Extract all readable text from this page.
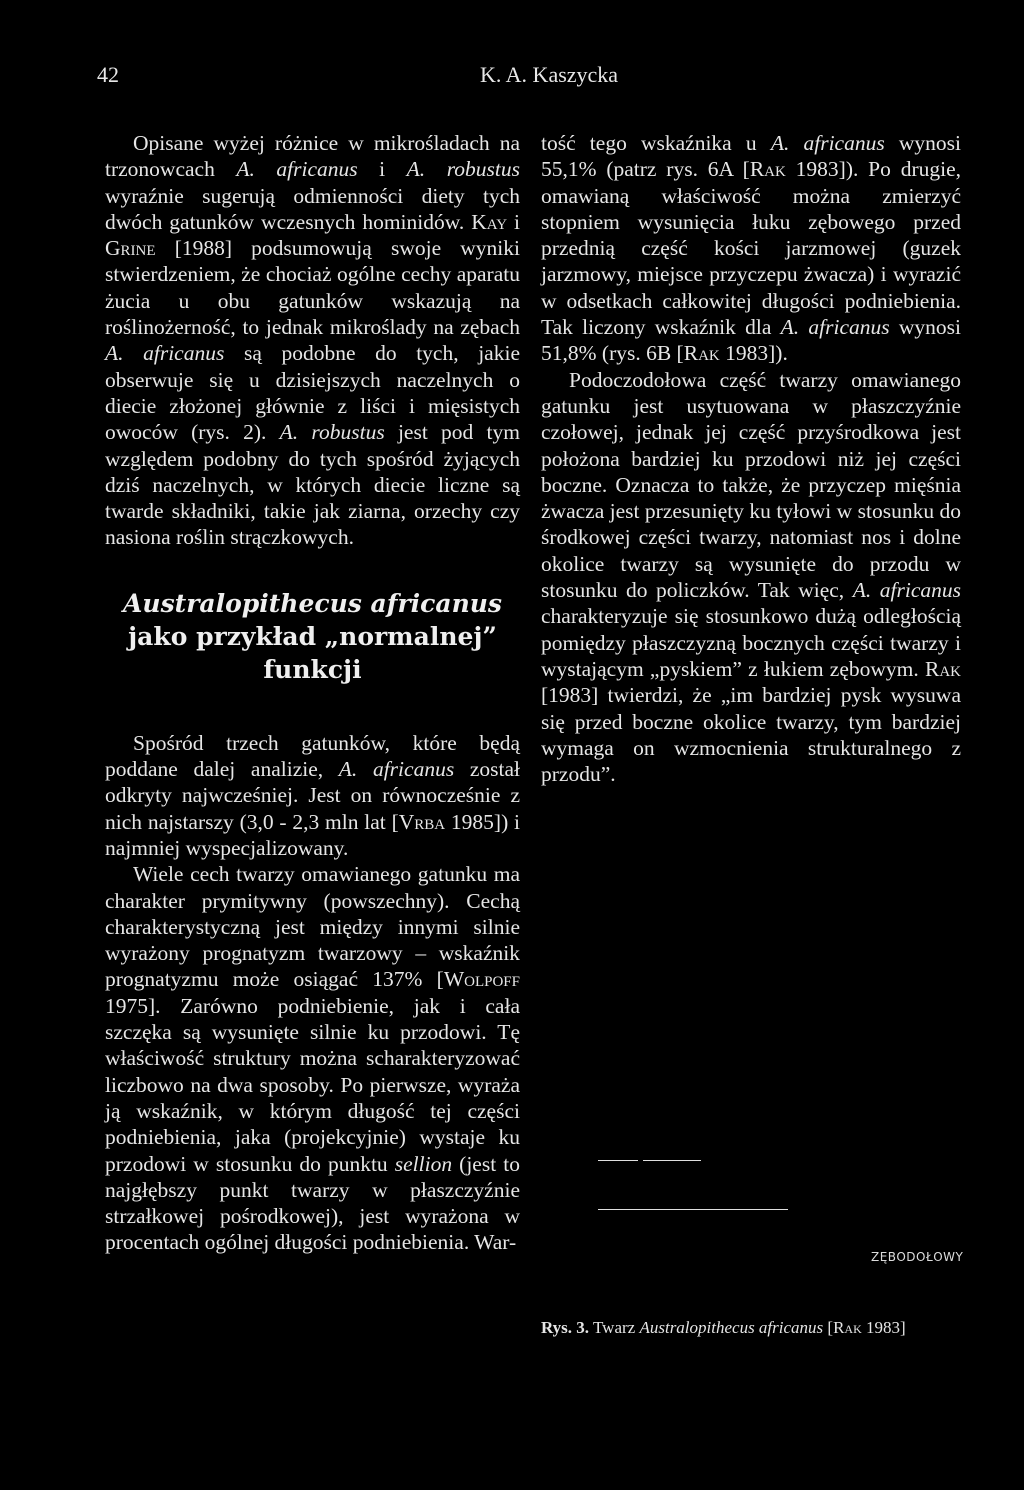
42	K. A. Kaszycka

Opisane wyżej różnice w mikrośladach na trzonowcach A. africanus i A. robustus wyraźnie sugerują odmienności diety tych dwóch gatunków wczesnych hominidów. Kay i Grine [1988] podsumowują swoje wyniki stwierdzeniem, że chociaż ogólne cechy aparatu żucia u obu gatunków wskazują na roślinożerność, to jednak mikroślady na zębach A. africanus są podobne do tych, jakie obserwuje się u dzisiejszych naczelnych o diecie złożonej głównie z liści i mięsistych owoców (rys. 2). A. robustus jest pod tym względem podobny do tych spośród żyjących dziś naczelnych, w których diecie liczne są twarde składniki, takie jak ziarna, orzechy czy nasiona roślin strączkowych.

Australopithecus africanus jako przykład „normalnej” funkcji

Spośród trzech gatunków, które będą poddane dalej analizie, A. africanus został odkryty najwcześniej. Jest on równocześnie z nich najstarszy (3,0 - 2,3 mln lat [Vrba 1985]) i najmniej wyspecjalizowany.

Wiele cech twarzy omawianego gatunku ma charakter prymitywny (powszechny). Cechą charakterystyczną jest między innymi silnie wyrażony prognatyzm twarzowy – wskaźnik prognatyzmu może osiągać 137% [Wolpoff 1975]. Zarówno podniebienie, jak i cała szczęka są wysunięte silnie ku przodowi. Tę właściwość struktury można scharakteryzować liczbowo na dwa sposoby. Po pierwsze, wyraża ją wskaźnik, w którym długość tej części podniebienia, jaka (projekcyjnie) wystaje ku przodowi w stosunku do punktu sellion (jest to najgłębszy punkt twarzy w płaszczyźnie strzałkowej pośrodkowej), jest wyrażona w procentach ogólnej długości podniebienia. War-

tość tego wskaźnika u A. africanus wynosi 55,1% (patrz rys. 6A [Rak 1983]). Po drugie, omawianą właściwość można zmierzyć stopniem wysunięcia łuku zębowego przed przednią część kości jarzmowej (guzek jarzmowy, miejsce przyczepu żwacza) i wyrazić w odsetkach całkowitej długości podniebienia. Tak liczony wskaźnik dla A. africanus wynosi 51,8% (rys. 6B [Rak 1983]).

Podoczodołowa część twarzy omawianego gatunku jest usytuowana w płaszczyźnie czołowej, jednak jej część przyśrodkowa jest położona bardziej ku przodowi niż jej części boczne. Oznacza to także, że przyczep mięśnia żwacza jest przesunięty ku tyłowi w stosunku do środkowej części twarzy, natomiast nos i dolne okolice twarzy są wysunięte do przodu w stosunku do policzków. Tak więc, A. africanus charakteryzuje się stosunkowo dużą odległością pomiędzy płaszczyzną bocznych części twarzy i wystającym „pyskiem” z łukiem zębowym. Rak [1983] twierdzi, że „im bardziej pysk wysuwa się przed boczne okolice twarzy, tym bardziej wymaga on wzmocnienia strukturalnego z przodu”.

ZĘBODOŁOWY
Rys. 3. Twarz Australopithecus africanus [Rak 1983]
